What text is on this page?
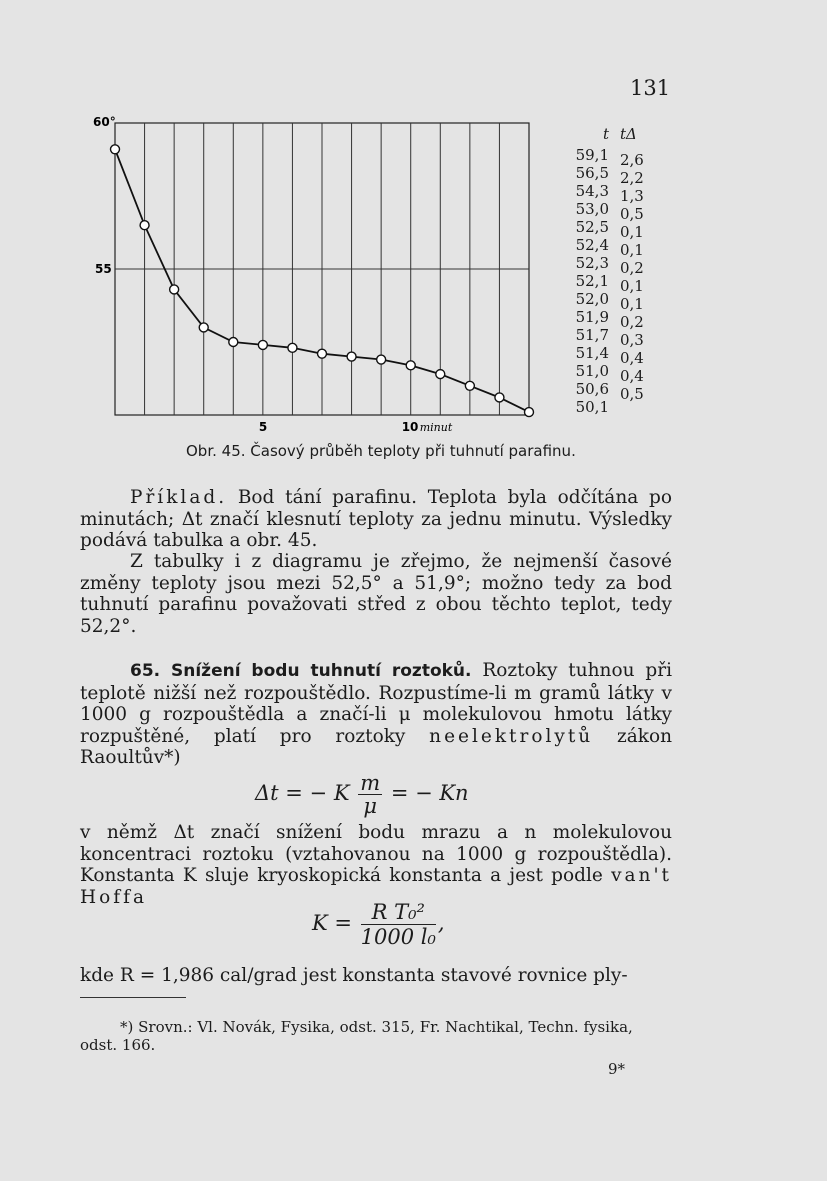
131
60°
55
5	10 minut
t
59,1
56,5
54,3
53,0
52,5
52,4
52,3
52,1
52,0
51,9
51,7
51,4
51,0
50,6
50,1
tΔ
2,6
2,2
1,3
0,5
0,1
0,1
0,2
0,1
0,1
0,2
0,3
0,4
0,4
0,5
Obr. 45. Časový průběh teploty při tuhnutí parafinu.
Příklad. Bod tání parafinu. Teplota byla odčítána po minutách; Δt značí klesnutí teploty za jednu minutu. Výsledky podává tabulka a obr. 45.
Z tabulky i z diagramu je zřejmo, že nejmenší časové změny teploty jsou mezi 52,5° a 51,9°; možno tedy za bod tuhnutí parafinu považovati střed z obou těchto teplot, tedy 52,2°.
65. Snížení bodu tuhnutí roztoků. Roztoky tuhnou při teplotě nižší než rozpouštědlo. Rozpustíme-li m gramů látky v 1000 g rozpouštědla a značí-li μ molekulovou hmotu látky rozpuštěné, platí pro roztoky neelektrolytů zákon Raoultův*)
Δt = − K $\frac{m}{\mu}$ = − Kn
v němž Δt značí snížení bodu mrazu a n molekulovou koncentraci roztoku (vztahovanou na 1000 g rozpouštědla). Konstanta K sluje kryoskopická konstanta a jest podle van't Hoffa
$K = \frac{\text{R T₀²}}{\text{1000 l₀}}$ ,
kde R = 1,986 cal/grad jest konstanta stavové rovnice ply-
*) Srovn.: Vl. Novák, Fysika, odst. 315, Fr. Nachtikal, Techn. fysika, odst. 166.
9*
